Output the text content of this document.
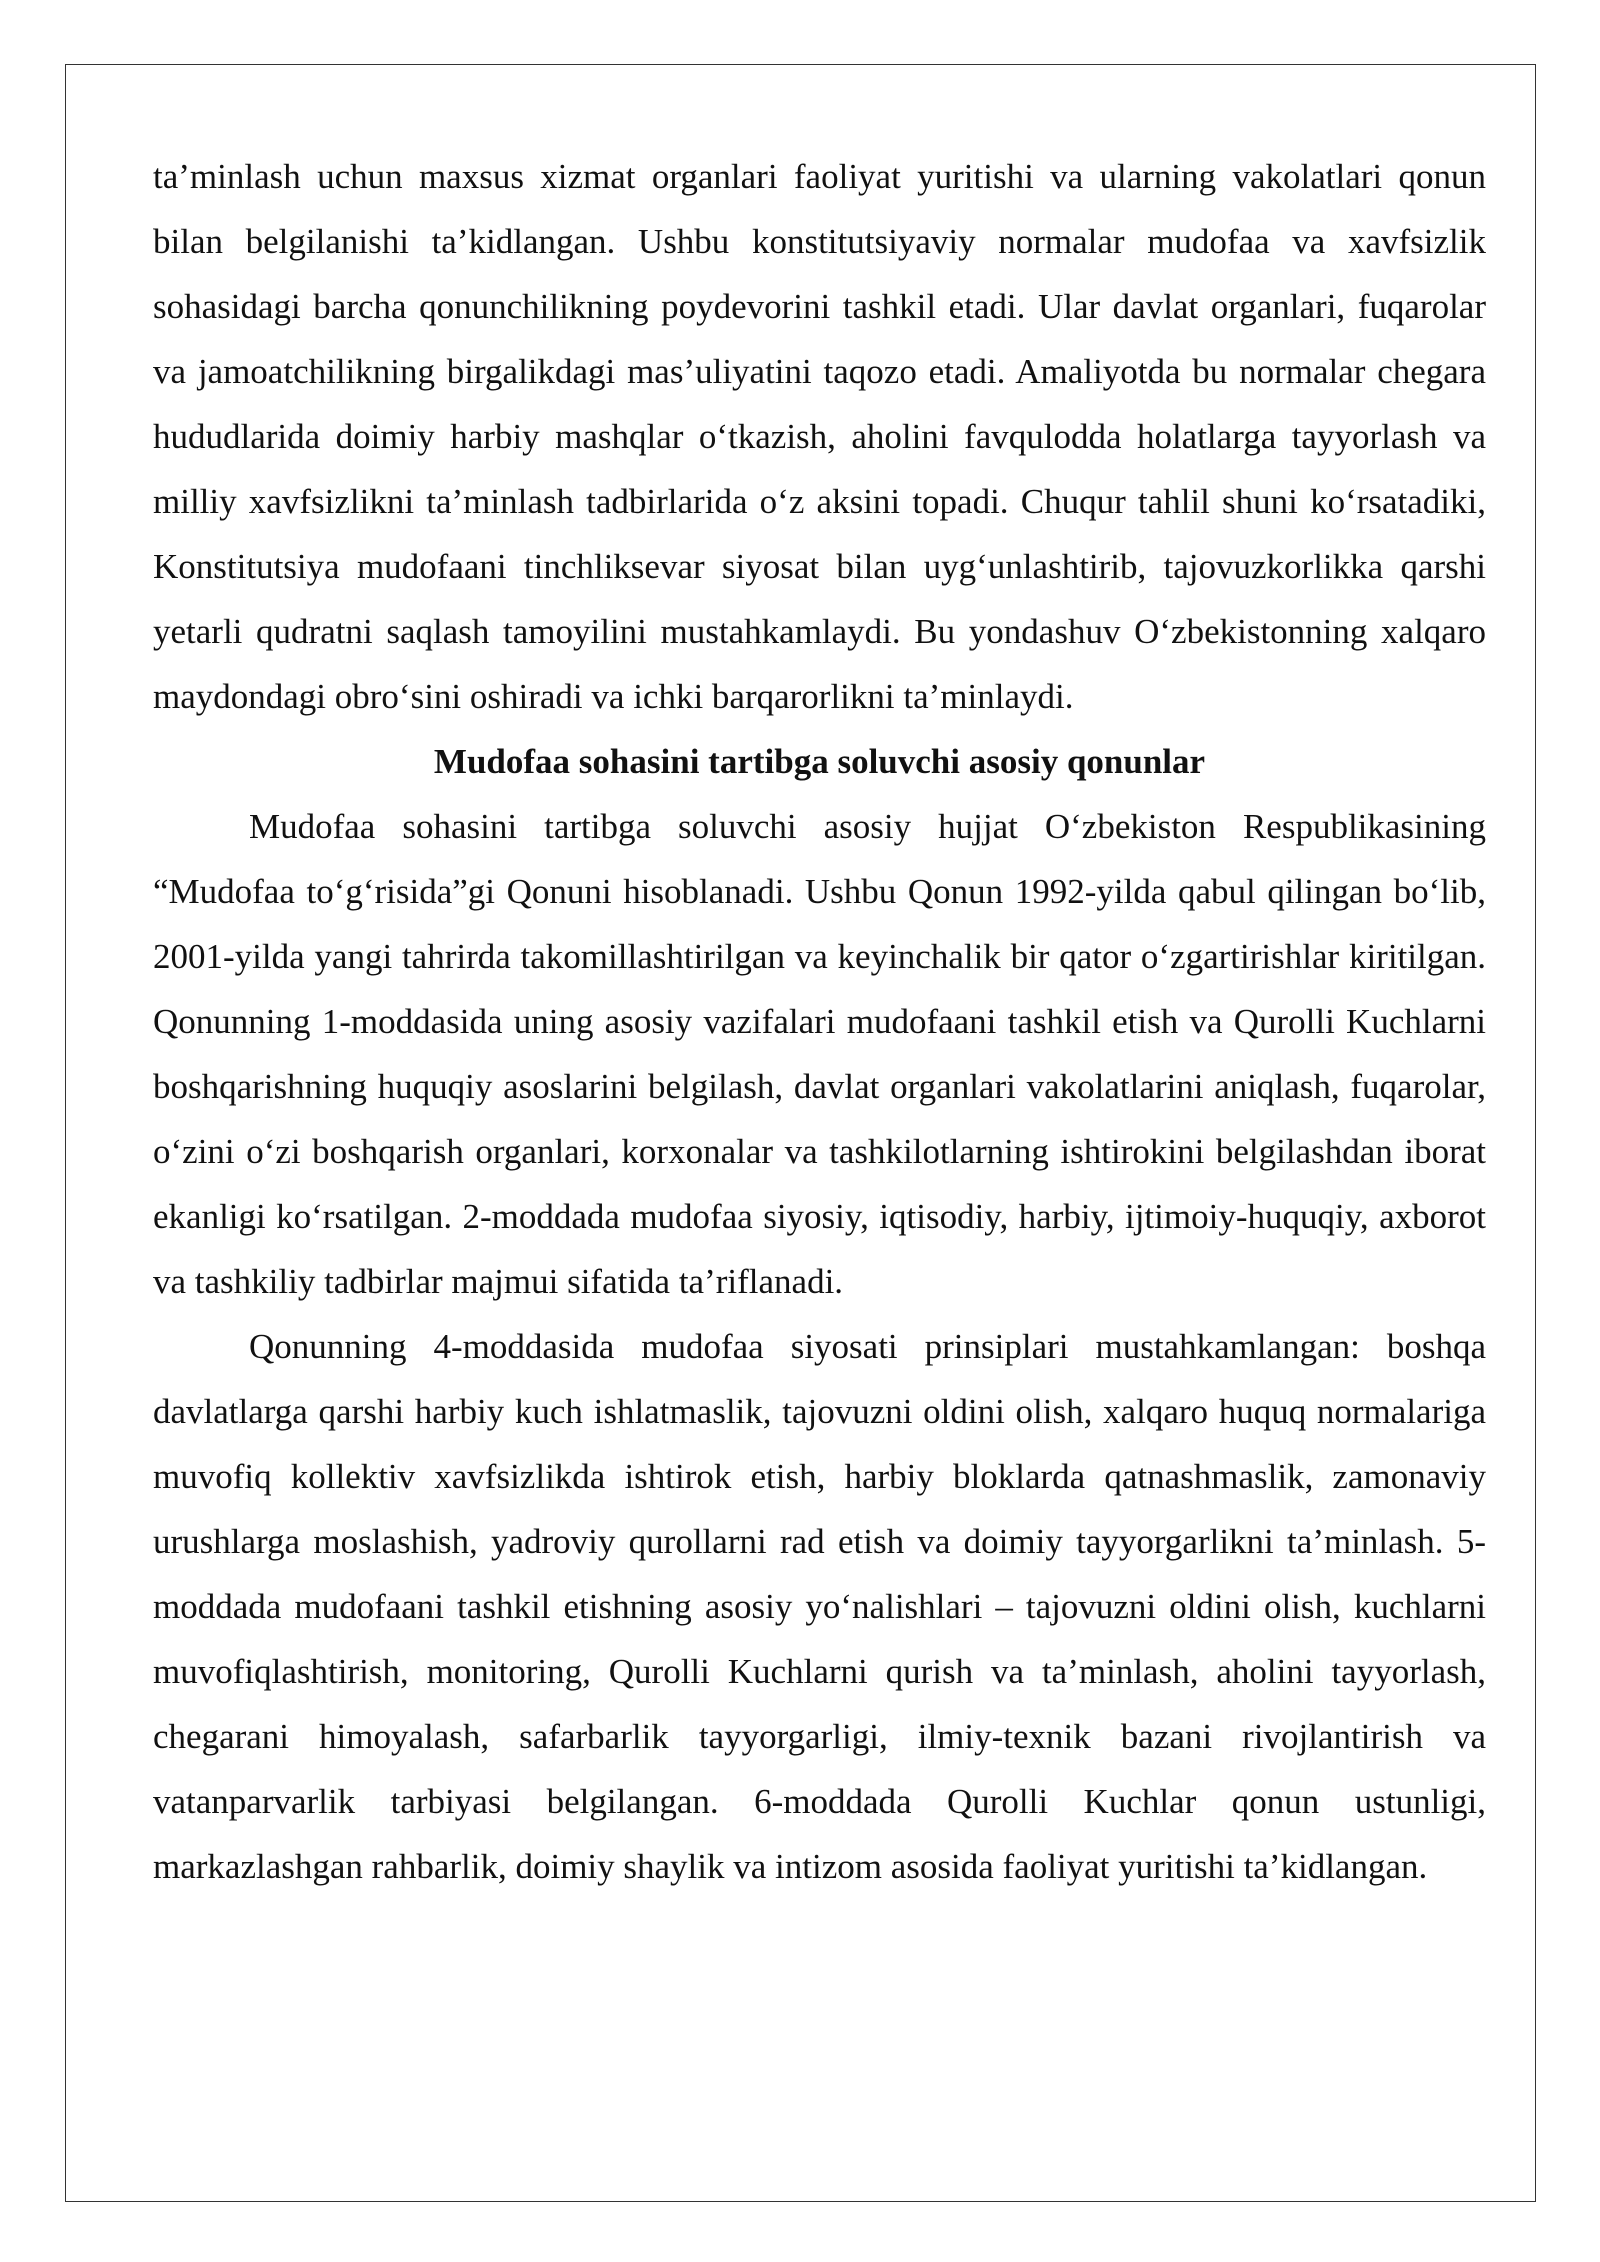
ta’minlash uchun maxsus xizmat organlari faoliyat yuritishi va ularning vakolatlari qonun bilan belgilanishi ta’kidlangan. Ushbu konstitutsiyaviy normalar mudofaa va xavfsizlik sohasidagi barcha qonunchilikning poydevorini tashkil etadi. Ular davlat organlari, fuqarolar va jamoatchilikning birgalikdagi mas’uliyatini taqozo etadi. Amaliyotda bu normalar chegara hududlarida doimiy harbiy mashqlar o‘tkazish, aholini favqulodda holatlarga tayyorlash va milliy xavfsizlikni ta’minlash tadbirlarida o‘z aksini topadi. Chuqur tahlil shuni ko‘rsatadiki, Konstitutsiya mudofaani tinchliksevar siyosat bilan uyg‘unlashtirib, tajovuzkorlikka qarshi yetarli qudratni saqlash tamoyilini mustahkamlaydi. Bu yondashuv O‘zbekistonning xalqaro maydondagi obro‘sini oshiradi va ichki barqarorlikni ta’minlaydi.

Mudofaa sohasini tartibga soluvchi asosiy qonunlar

Mudofaa sohasini tartibga soluvchi asosiy hujjat O‘zbekiston Respublikasining “Mudofaa to‘g‘risida”gi Qonuni hisoblanadi. Ushbu Qonun 1992-yilda qabul qilingan bo‘lib, 2001-yilda yangi tahrirda takomillashtirilgan va keyinchalik bir qator o‘zgartirishlar kiritilgan. Qonunning 1-moddasida uning asosiy vazifalari mudofaani tashkil etish va Qurolli Kuchlarni boshqarishning huquqiy asoslarini belgilash, davlat organlari vakolatlarini aniqlash, fuqarolar, o‘zini o‘zi boshqarish organlari, korxonalar va tashkilotlarning ishtirokini belgilashdan iborat ekanligi ko‘rsatilgan. 2-moddada mudofaa siyosiy, iqtisodiy, harbiy, ijtimoiy-huquqiy, axborot va tashkiliy tadbirlar majmui sifatida ta’riflanadi.

Qonunning 4-moddasida mudofaa siyosati prinsiplari mustahkamlangan: boshqa davlatlarga qarshi harbiy kuch ishlatmaslik, tajovuzni oldini olish, xalqaro huquq normalariga muvofiq kollektiv xavfsizlikda ishtirok etish, harbiy bloklarda qatnashmaslik, zamonaviy urushlarga moslashish, yadroviy qurollarni rad etish va doimiy tayyorgarlikni ta’minlash. 5-moddada mudofaani tashkil etishning asosiy yo‘nalishlari – tajovuzni oldini olish, kuchlarni muvofiqlashtirish, monitoring, Qurolli Kuchlarni qurish va ta’minlash, aholini tayyorlash, chegarani himoyalash, safarbarlik tayyorgarligi, ilmiy-texnik bazani rivojlantirish va vatanparvarlik tarbiyasi belgilangan. 6-moddada Qurolli Kuchlar qonun ustunligi, markazlashgan rahbarlik, doimiy shaylik va intizom asosida faoliyat yuritishi ta’kidlangan.
